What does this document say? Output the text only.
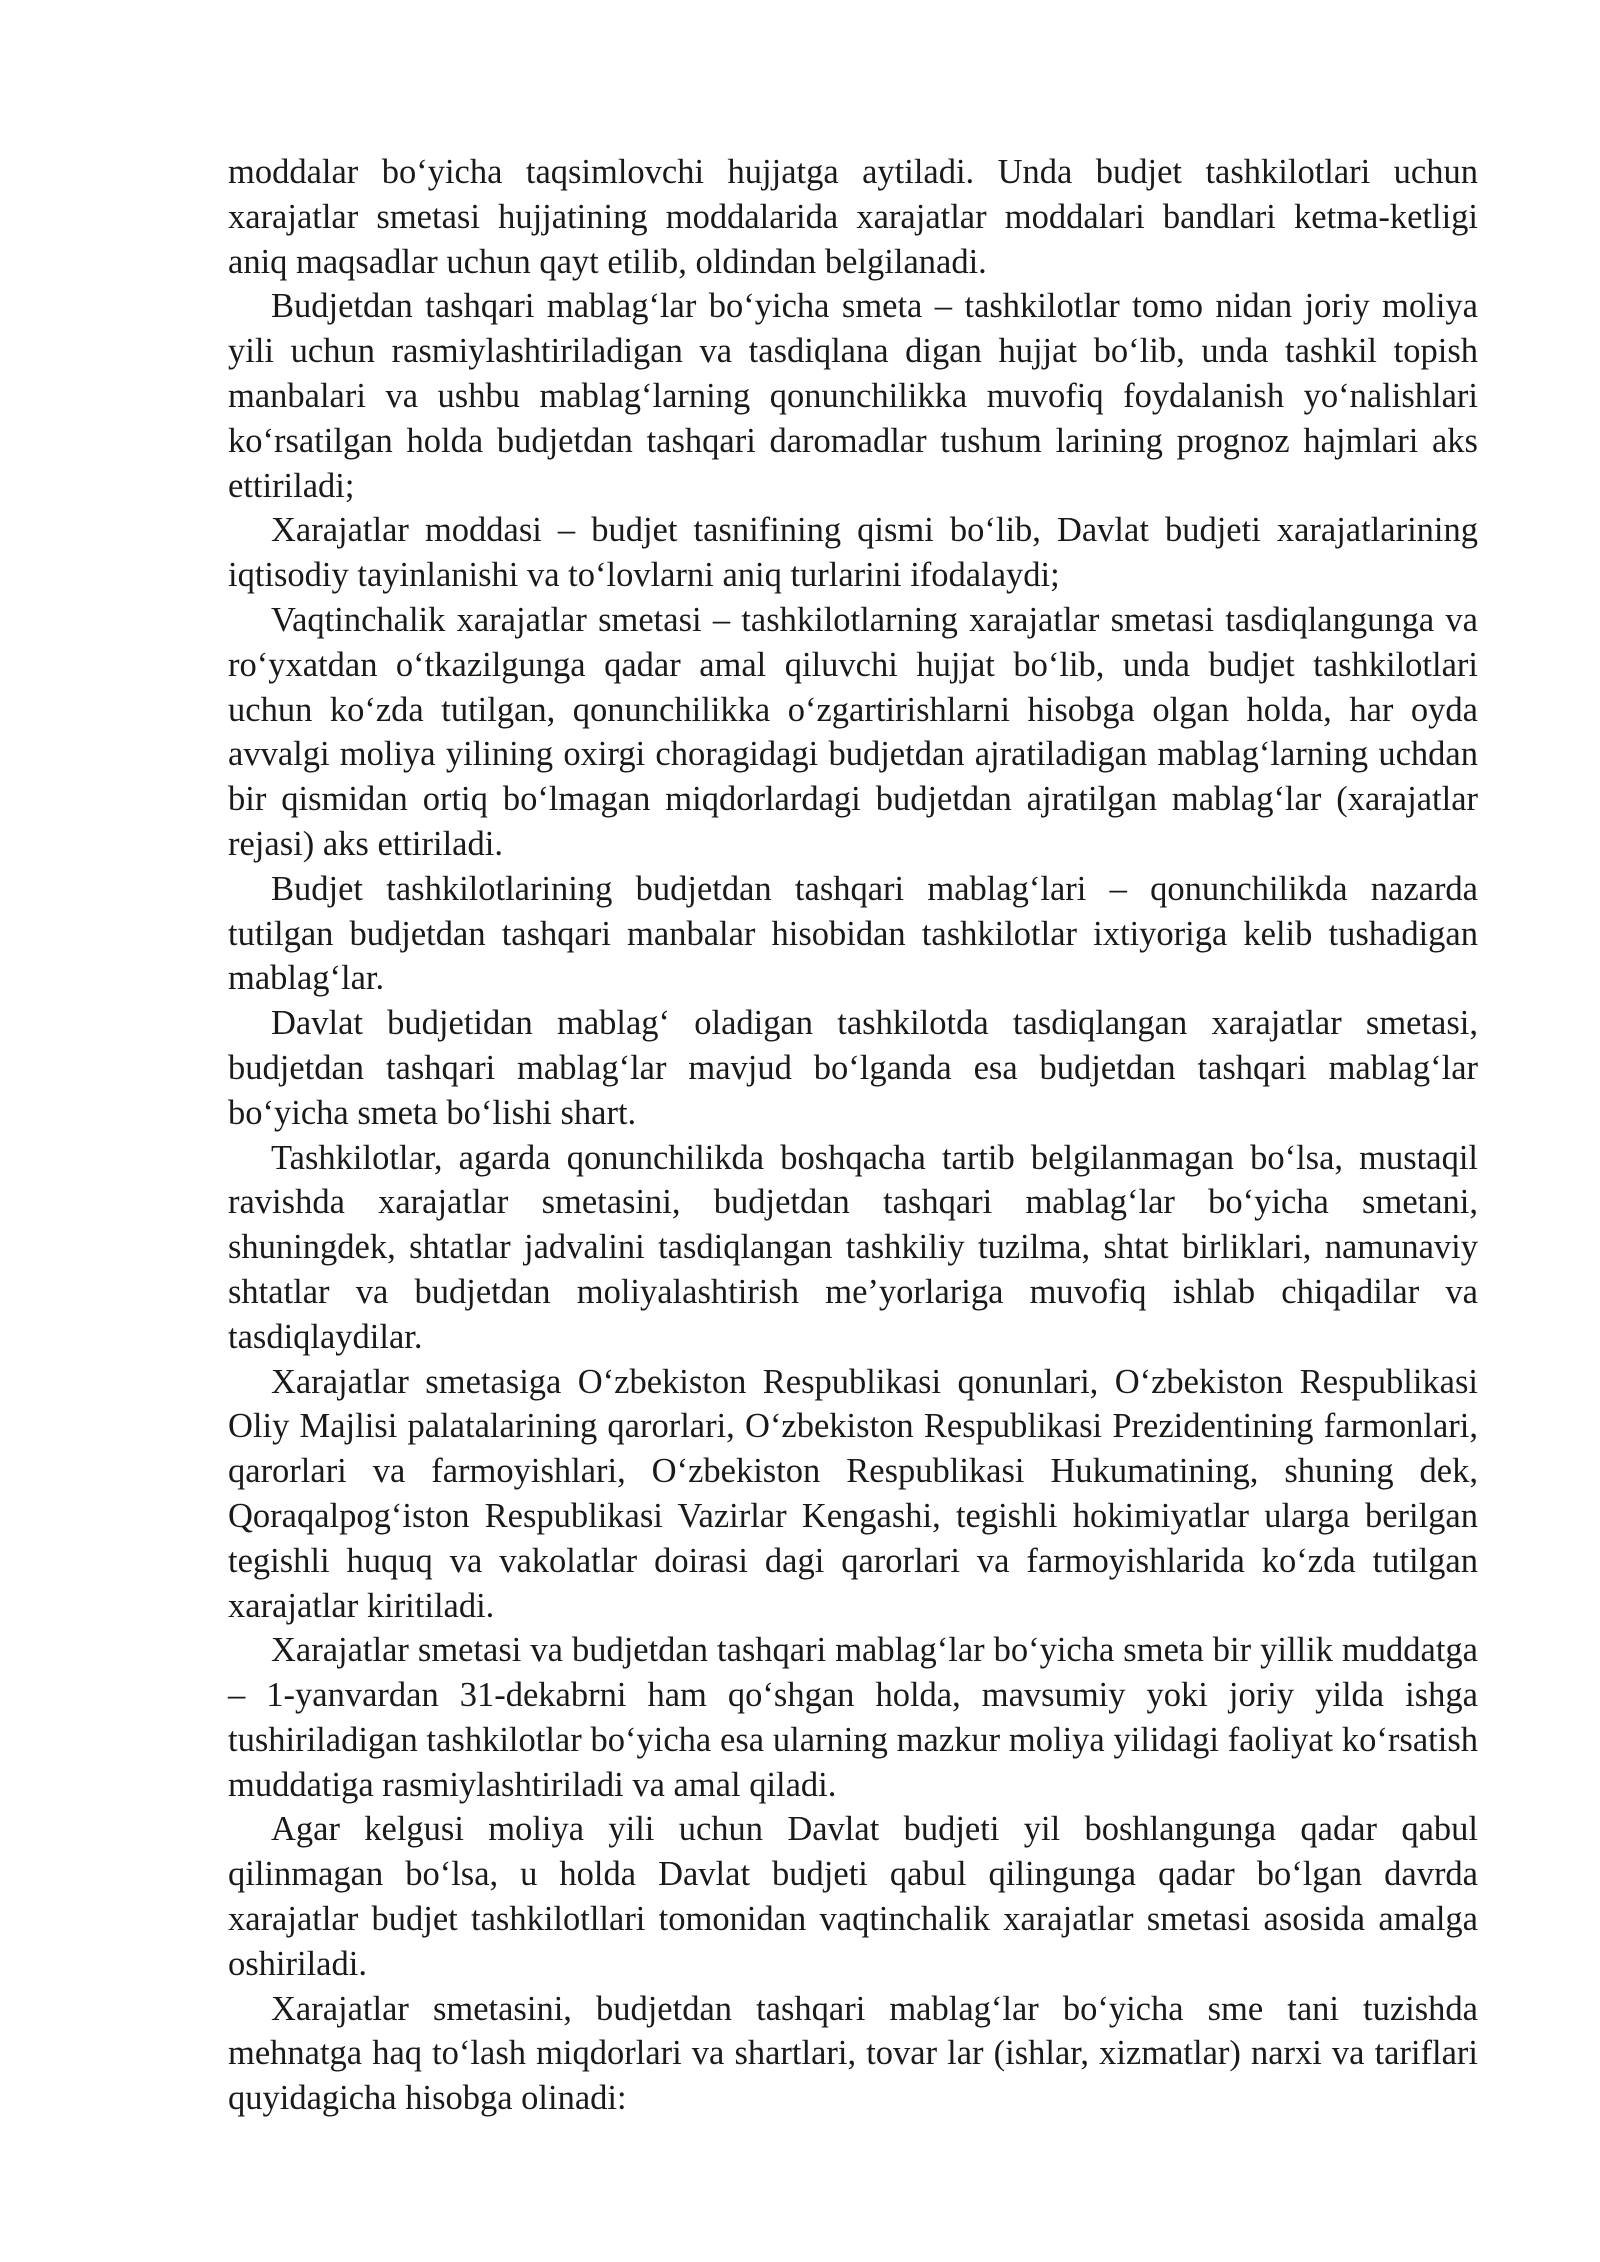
moddalar bo‘yicha taqsimlovchi hujjatga aytiladi. Unda budjet tashkilotlari uchun xarajatlar smetasi hujjatining moddalarida xarajatlar moddalari bandlari ketma-ketligi aniq maqsadlar uchun qayt etilib, oldindan belgilanadi.

Budjetdan tashqari mablag‘lar bo‘yicha smeta – tashkilotlar tomo nidan joriy moliya yili uchun rasmiylashtiriladigan va tasdiqlana digan hujjat bo‘lib, unda tashkil topish manbalari va ushbu mablag‘larning qonunchilikka muvofiq foydalanish yo‘nalishlari ko‘rsatilgan holda budjetdan tashqari daromadlar tushum larining prognoz hajmlari aks ettiriladi;

Xarajatlar moddasi – budjet tasnifining qismi bo‘lib, Davlat budjeti xarajatlarining iqtisodiy tayinlanishi va to‘lovlarni aniq turlarini ifodalaydi;

Vaqtinchalik xarajatlar smetasi – tashkilotlarning xarajatlar smetasi tasdiqlangunga va ro‘yxatdan o‘tkazilgunga qadar amal qiluvchi hujjat bo‘lib, unda budjet tashkilotlari uchun ko‘zda tutilgan, qonunchilikka o‘zgartirishlarni hisobga olgan holda, har oyda avvalgi moliya yilining oxirgi choragidagi budjetdan ajratiladigan mablag‘larning uchdan bir qismidan ortiq bo‘lmagan miqdorlardagi budjetdan ajratilgan mablag‘lar (xarajatlar rejasi) aks ettiriladi.

Budjet tashkilotlarining budjetdan tashqari mablag‘lari – qonunchilikda nazarda tutilgan budjetdan tashqari manbalar hisobidan tashkilotlar ixtiyoriga kelib tushadigan mablag‘lar.

Davlat budjetidan mablag‘ oladigan tashkilotda tasdiqlangan xarajatlar smetasi, budjetdan tashqari mablag‘lar mavjud bo‘lganda esa budjetdan tashqari mablag‘lar bo‘yicha smeta bo‘lishi shart.

Tashkilotlar, agarda qonunchilikda boshqacha tartib belgilanmagan bo‘lsa, mustaqil ravishda xarajatlar smetasini, budjetdan tashqari mablag‘lar bo‘yicha smetani, shuningdek, shtatlar jadvalini tasdiqlangan tashkiliy tuzilma, shtat birliklari, namunaviy shtatlar va budjetdan moliyalashtirish me’yorlariga muvofiq ishlab chiqadilar va tasdiqlaydilar.

Xarajatlar smetasiga O‘zbekiston Respublikasi qonunlari, O‘zbekiston Respublikasi Oliy Majlisi palatalarining qarorlari, O‘zbekiston Respublikasi Prezidentining farmonlari, qarorlari va farmoyishlari, O‘zbekiston Respublikasi Hukumatining, shuning dek, Qoraqalpog‘iston Respublikasi Vazirlar Kengashi, tegishli hokimiyatlar ularga berilgan tegishli huquq va vakolatlar doirasi dagi qarorlari va farmoyishlarida ko‘zda tutilgan xarajatlar kiritiladi.

Xarajatlar smetasi va budjetdan tashqari mablag‘lar bo‘yicha smeta bir yillik muddatga – 1-yanvardan 31-dekabrni ham qo‘shgan holda, mavsumiy yoki joriy yilda ishga tushiriladigan tashkilotlar bo‘yicha esa ularning mazkur moliya yilidagi faoliyat ko‘rsatish muddatiga rasmiylashtiriladi va amal qiladi.

Agar kelgusi moliya yili uchun Davlat budjeti yil boshlangunga qadar qabul qilinmagan bo‘lsa, u holda Davlat budjeti qabul qilingunga qadar bo‘lgan davrda xarajatlar budjet tashkilotllari tomonidan vaqtinchalik xarajatlar smetasi asosida amalga oshiriladi.

Xarajatlar smetasini, budjetdan tashqari mablag‘lar bo‘yicha sme tani tuzishda mehnatga haq to‘lash miqdorlari va shartlari, tovar lar (ishlar, xizmatlar) narxi va tariflari quyidagicha hisobga olinadi:
